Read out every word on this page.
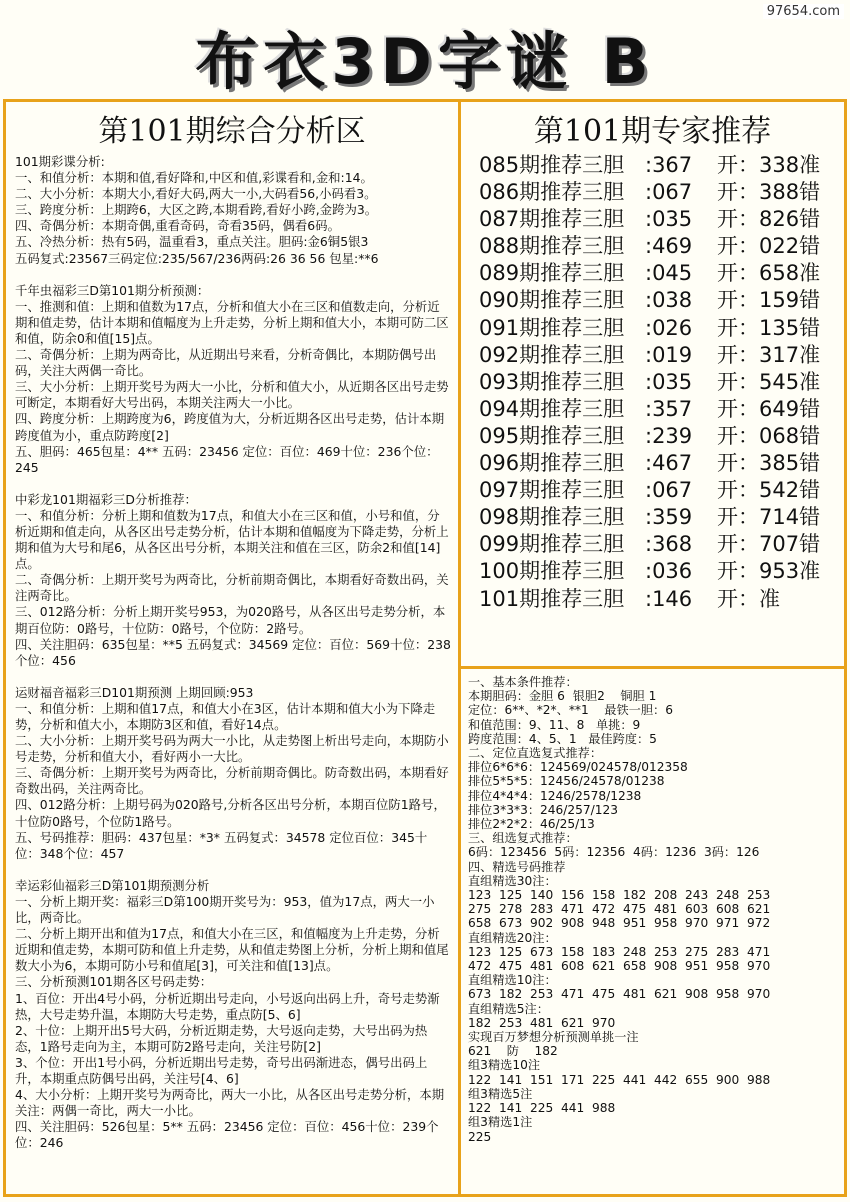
97654.com
布衣3D字谜 B
第101期综合分析区
101期彩谍分析:
一、和值分析：本期和值,看好降和,中区和值,彩谍看和,金和:14。
二、大小分析：本期大小,看好大码,两大一小,大码看56,小码看3。
三、跨度分析：上期跨6，大区之跨,本期看跨,看好小跨,金跨为3。
四、奇偶分析：本期奇偶,重看奇码，奇看35码，偶看6码。
五、冷热分析：热有5码，温重看3，重点关注。胆码:金6铜5银3
五码复式:23567三码定位:235/567/236两码:26 36 56 包星:**6
千年虫福彩三D第101期分析预测：
一、推测和值：上期和值数为17点，分析和值大小在三区和值数走向，分析近期和值走势，估计本期和值幅度为上升走势，分析上期和值大小，本期可防二区和值，防余0和值[15]点。
二、奇偶分析：上期为两奇比，从近期出号来看，分析奇偶比，本期防偶号出码，关注大两偶一奇比。
三、大小分析：上期开奖号为两大一小比，分析和值大小，从近期各区出号走势可断定，本期看好大号出码，本期关注两大一小比。
四、跨度分析：上期跨度为6，跨度值为大，分析近期各区出号走势，估计本期跨度值为小，重点防跨度[2]
五、胆码：465包星：4** 五码：23456 定位：百位：469十位：236个位：245
中彩龙101期福彩三D分析推荐：
一、和值分析：分析上期和值数为17点，和值大小在三区和值，小号和值，分析近期和值走向，从各区出号走势分析，估计本期和值幅度为下降走势，分析上期和值为大号和尾6，从各区出号分析，本期关注和值在三区，防余2和值[14]点。
二、奇偶分析：上期开奖号为两奇比，分析前期奇偶比，本期看好奇数出码，关注两奇比。
三、012路分析：分析上期开奖号953，为020路号，从各区出号走势分析，本期百位防：0路号，十位防：0路号，个位防：2路号。
四、关注胆码：635包星：**5 五码复式：34569 定位：百位：569十位：238个位：456
运财福音福彩三D101期预测 上期回顾:953
一、和值分析：上期和值17点，和值大小在3区，估计本期和值大小为下降走势，分析和值大小，本期防3区和值，看好14点。
二、大小分析：上期开奖号码为两大一小比，从走势图上析出号走向，本期防小号走势，分析和值大小，看好两小一大比。
三、奇偶分析：上期开奖号为两奇比，分析前期奇偶比。防奇数出码，本期看好奇数出码，关注两奇比。
四、012路分析：上期号码为020路号,分析各区出号分析，本期百位防1路号，十位防0路号，个位防1路号。
五、号码推荐：胆码：437包星：*3* 五码复式：34578 定位百位：345十位：348个位：457
幸运彩仙福彩三D第101期预测分析
一、分析上期开奖：福彩三D第100期开奖号为：953，值为17点，两大一小比，两奇比。
二、分析上期开出和值为17点，和值大小在三区，和值幅度为上升走势，分析近期和值走势，本期可防和值上升走势，从和值走势图上分析，分析上期和值尾数大小为6，本期可防小号和值尾[3]，可关注和值[13]点。
三、分析预测101期各区号码走势：
1、百位：开出4号小码，分析近期出号走向，小号返向出码上升，奇号走势渐热，大号走势升温，本期防大号走势，重点防[5、6]
2、十位：上期开出5号大码，分析近期走势，大号返向走势，大号出码为热态，1路号走向为主，本期可防2路号走向，关注号防[2]
3、个位：开出1号小码，分析近期出号走势，奇号出码渐进态，偶号出码上升，本期重点防偶号出码，关注号[4、6]
4、大小分析：上期开奖号为两奇比，两大一小比，从各区出号走势分析，本期关注：两偶一奇比，两大一小比。
四、关注胆码：526包星：5** 五码：23456 定位：百位：456十位：239个位：246
第101期专家推荐
085期推荐三胆 :367	开：338准
086期推荐三胆 :067	开：388错
087期推荐三胆 :035	开：826错
088期推荐三胆 :469	开：022错
089期推荐三胆 :045	开：658准
090期推荐三胆 :038	开：159错
091期推荐三胆 :026	开：135错
092期推荐三胆 :019	开：317准
093期推荐三胆 :035	开：545准
094期推荐三胆 :357	开：649错
095期推荐三胆 :239	开：068错
096期推荐三胆 :467	开：385错
097期推荐三胆 :067	开：542错
098期推荐三胆 :359	开：714错
099期推荐三胆 :368	开：707错
100期推荐三胆 :036	开：953准
101期推荐三胆 :146	开：准
一、基本条件推荐：
本期胆码：金胆 6  银胆2    铜胆 1
定位：6**、*2*、**1    最铁一胆：6
和值范围：9、11、8   单挑：9
跨度范围：4、5、1   最佳跨度：5
二、定位直选复式推荐：
排位6*6*6：124569/024578/012358
排位5*5*5：12456/24578/01238
排位4*4*4：1246/2578/1238
排位3*3*3：246/257/123
排位2*2*2：46/25/13
三、组选复式推荐：
6码：123456  5码：12356  4码：1236  3码：126
四、精选号码推荐
直组精选30注：
123 125 140 156 158 182 208 243 248 253
275 278 283 471 472 475 481 603 608 621
658 673 902 908 948 951 958 970 971 972
直组精选20注：
123 125 673 158 183 248 253 275 283 471
472 475 481 608 621 658 908 951 958 970
直组精选10注：
673 182 253 471 475 481 621 908 958 970
直组精选5注：
182 253 481 621 970
实现百万梦想分析预测单挑一注
621    防    182
组3精选10注
122 141 151 171 225 441 442 655 900 988
组3精选5注
122 141 225 441 988
组3精选1注
225
